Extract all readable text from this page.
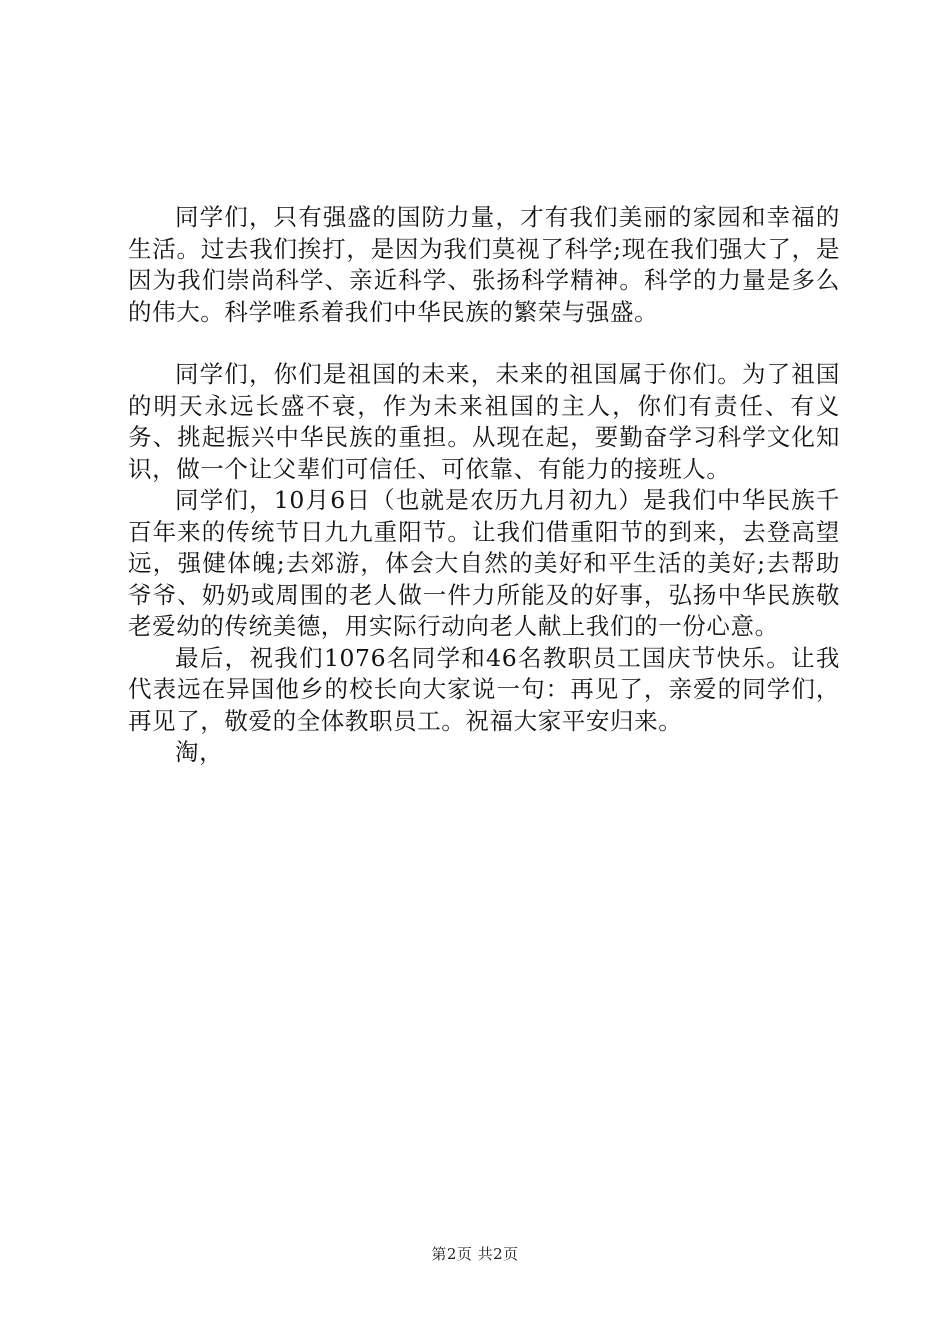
同学们，只有强盛的国防力量，才有我们美丽的家园和幸福的生活。过去我们挨打，是因为我们莫视了科学;现在我们强大了，是因为我们崇尚科学、亲近科学、张扬科学精神。科学的力量是多么的伟大。科学唯系着我们中华民族的繁荣与强盛。

同学们，你们是祖国的未来，未来的祖国属于你们。为了祖国的明天永远长盛不衰，作为未来祖国的主人，你们有责任、有义务、挑起振兴中华民族的重担。从现在起，要勤奋学习科学文化知识，做一个让父辈们可信任、可依靠、有能力的接班人。

同学们，10月6日（也就是农历九月初九）是我们中华民族千百年来的传统节日九九重阳节。让我们借重阳节的到来，去登高望远，强健体魄;去郊游，体会大自然的美好和平生活的美好;去帮助爷爷、奶奶或周围的老人做一件力所能及的好事，弘扬中华民族敬老爱幼的传统美德，用实际行动向老人献上我们的一份心意。

最后，祝我们1076名同学和46名教职员工国庆节快乐。让我代表远在异国他乡的校长向大家说一句：再见了，亲爱的同学们，再见了，敬爱的全体教职员工。祝福大家平安归来。

淘，

第2页 共2页
